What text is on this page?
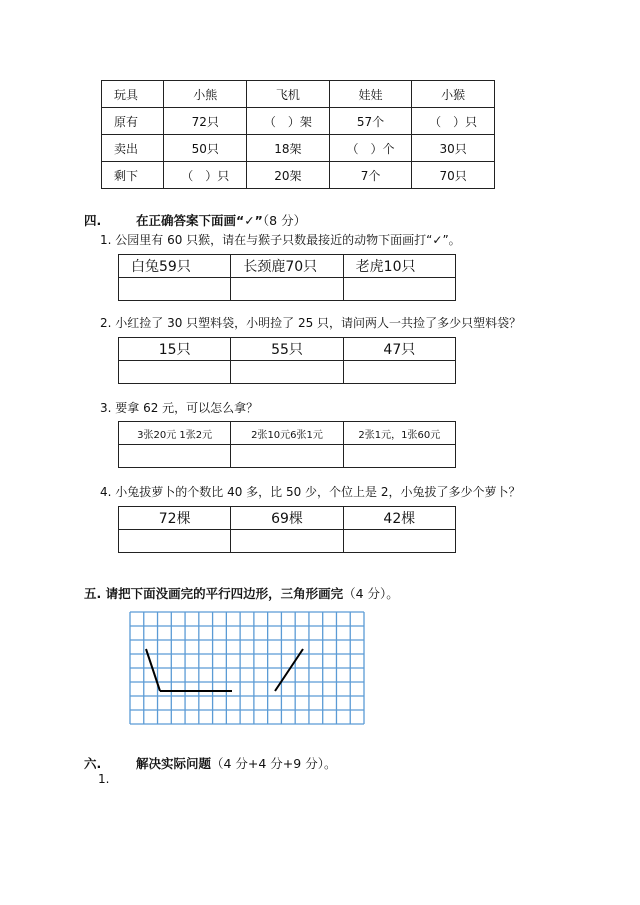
玩具	小熊	飞机	娃娃	小猴
原有	72只	（　）架	57个	（　）只
卖出	50只	18架	（　）个	30只
剩下	（　）只	20架	7个	70只
四.	在正确答案下面画“✓”（8 分）
1. 公园里有 60 只猴，请在与猴子只数最接近的动物下面画打“✓”。
白兔59只	长颈鹿70只	老虎10只

2. 小红捡了 30 只塑料袋，小明捡了 25 只，请问两人一共捡了多少只塑料袋？
15只	55只	47只

3. 要拿 62 元，可以怎么拿？
3张20元 1张2元	2张10元6张1元	2张1元，1张60元

4. 小兔拔萝卜的个数比 40 多，比 50 少，个位上是 2，小兔拔了多少个萝卜？
72棵	69棵	42棵

五. 请把下面没画完的平行四边形，三角形画完（4 分）。
六.	解决实际问题（4 分+4 分+9 分）。
1.
